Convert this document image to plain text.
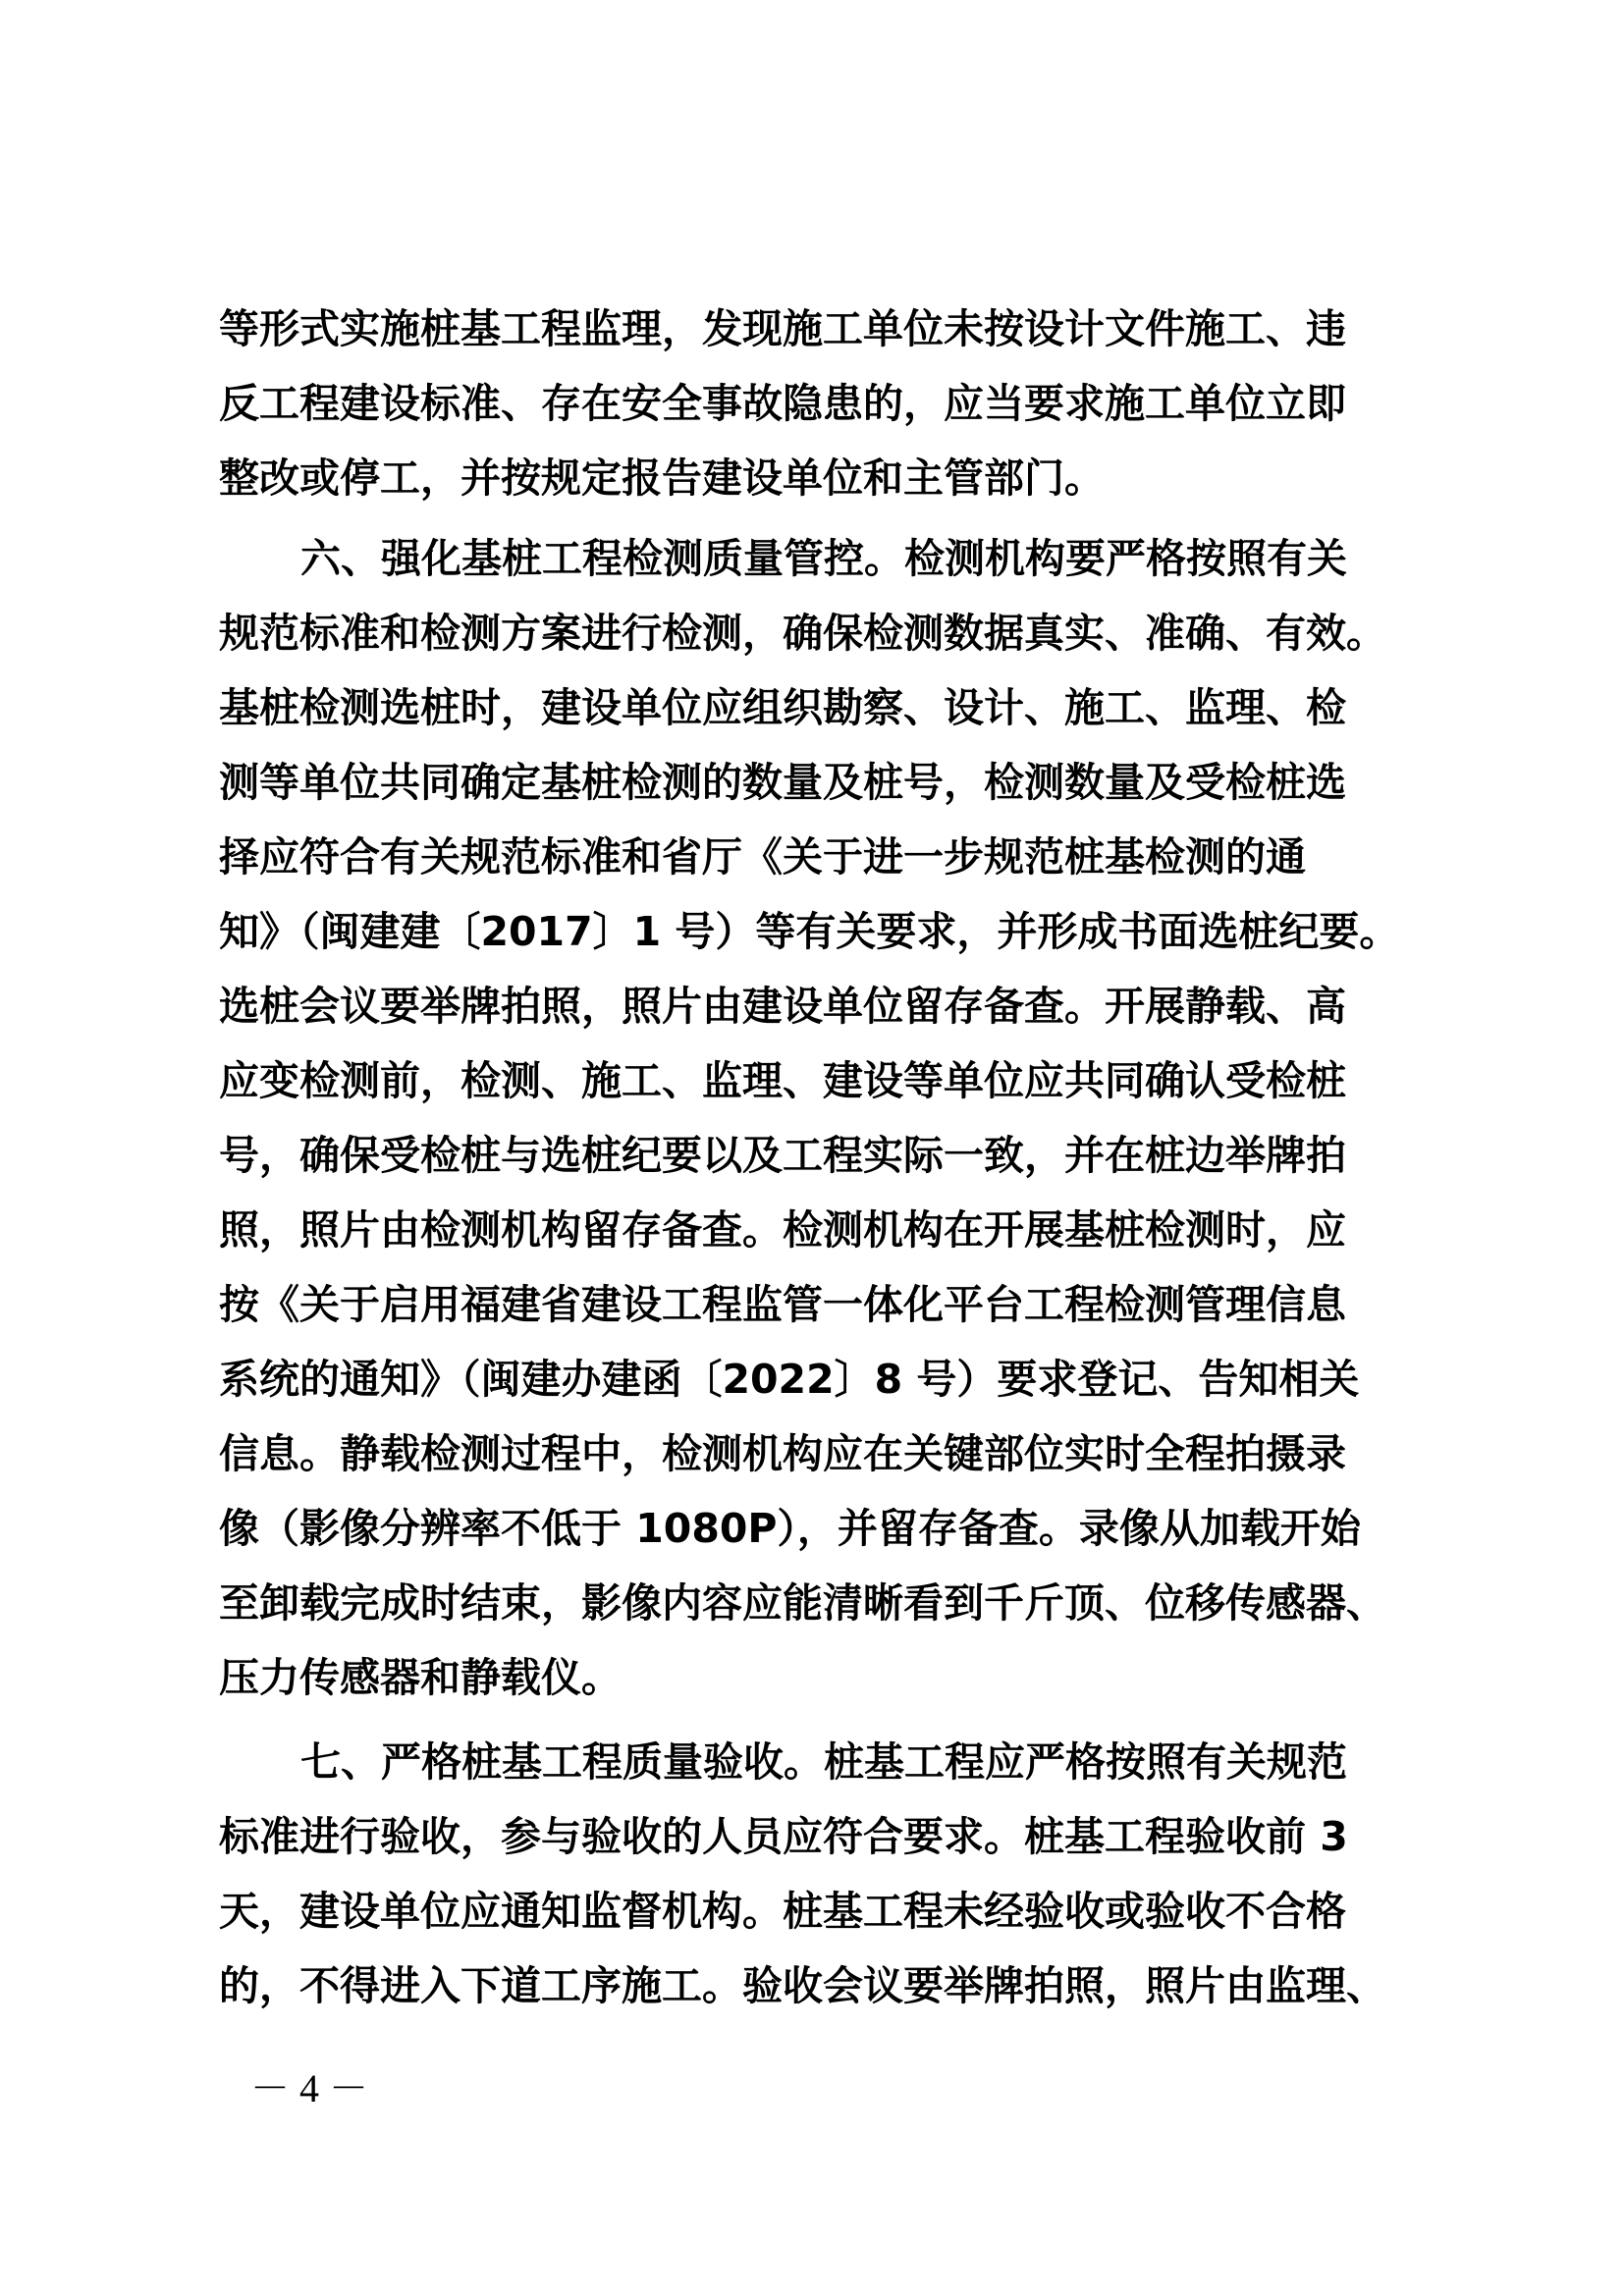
等形式实施桩基工程监理，发现施工单位未按设计文件施工、违
反工程建设标准、存在安全事故隐患的，应当要求施工单位立即
整改或停工，并按规定报告建设单位和主管部门。
六、强化基桩工程检测质量管控。检测机构要严格按照有关
规范标准和检测方案进行检测，确保检测数据真实、准确、有效。
基桩检测选桩时，建设单位应组织勘察、设计、施工、监理、检
测等单位共同确定基桩检测的数量及桩号，检测数量及受检桩选
择应符合有关规范标准和省厅《关于进一步规范桩基检测的通
知》（闽建建〔2017〕1 号）等有关要求，并形成书面选桩纪要。
选桩会议要举牌拍照，照片由建设单位留存备查。开展静载、高
应变检测前，检测、施工、监理、建设等单位应共同确认受检桩
号，确保受检桩与选桩纪要以及工程实际一致，并在桩边举牌拍
照，照片由检测机构留存备查。检测机构在开展基桩检测时，应
按《关于启用福建省建设工程监管一体化平台工程检测管理信息
系统的通知》（闽建办建函〔2022〕8 号）要求登记、告知相关
信息。静载检测过程中，检测机构应在关键部位实时全程拍摄录
像（影像分辨率不低于 1080P），并留存备查。录像从加载开始
至卸载完成时结束，影像内容应能清晰看到千斤顶、位移传感器、
压力传感器和静载仪。
七、严格桩基工程质量验收。桩基工程应严格按照有关规范
标准进行验收，参与验收的人员应符合要求。桩基工程验收前 3
天，建设单位应通知监督机构。桩基工程未经验收或验收不合格
的，不得进入下道工序施工。验收会议要举牌拍照，照片由监理、
－ 4 －
